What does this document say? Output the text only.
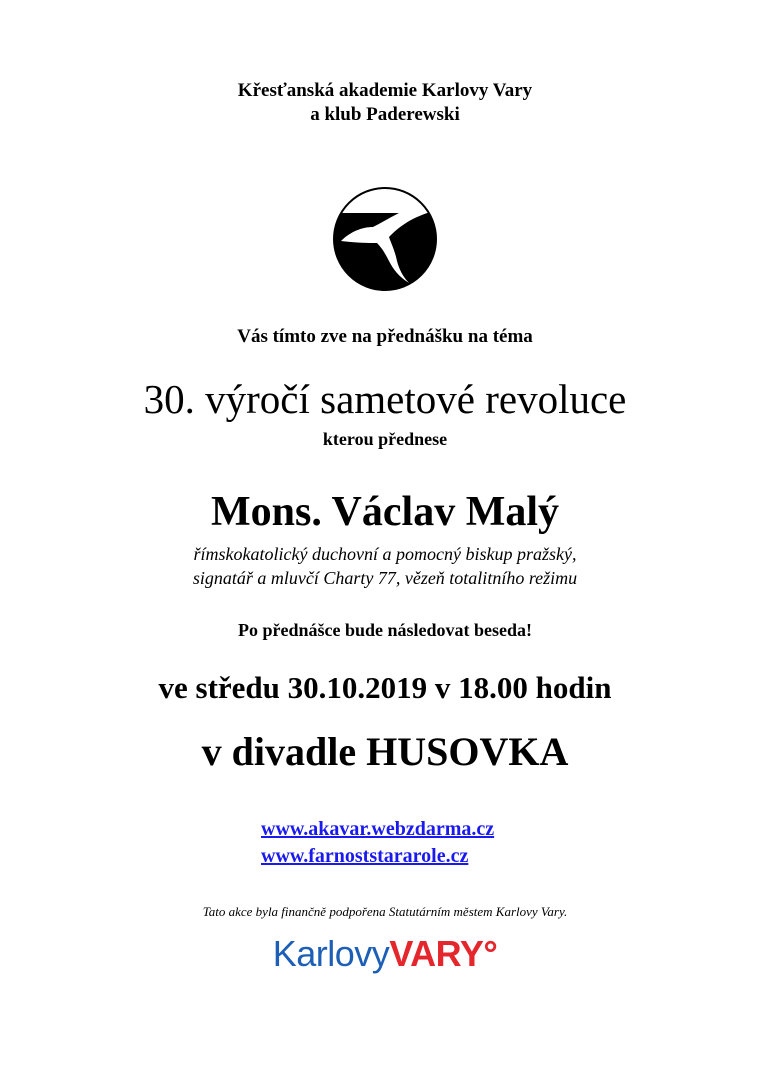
Křesťanská akademie Karlovy Vary
a klub Paderewski
Vás tímto zve na přednášku na téma
30. výročí sametové revoluce
kterou přednese
Mons. Václav Malý
římskokatolický duchovní a pomocný biskup pražský,
signatář a mluvčí Charty 77, vězeň totalitního režimu
Po přednášce bude následovat beseda!
ve středu 30.10.2019 v 18.00 hodin
v divadle HUSOVKA
www.akavar.webzdarma.cz
www.farnoststararole.cz
Tato akce byla finančně podpořena Statutárním městem Karlovy Vary.
KarlovyVARY°
